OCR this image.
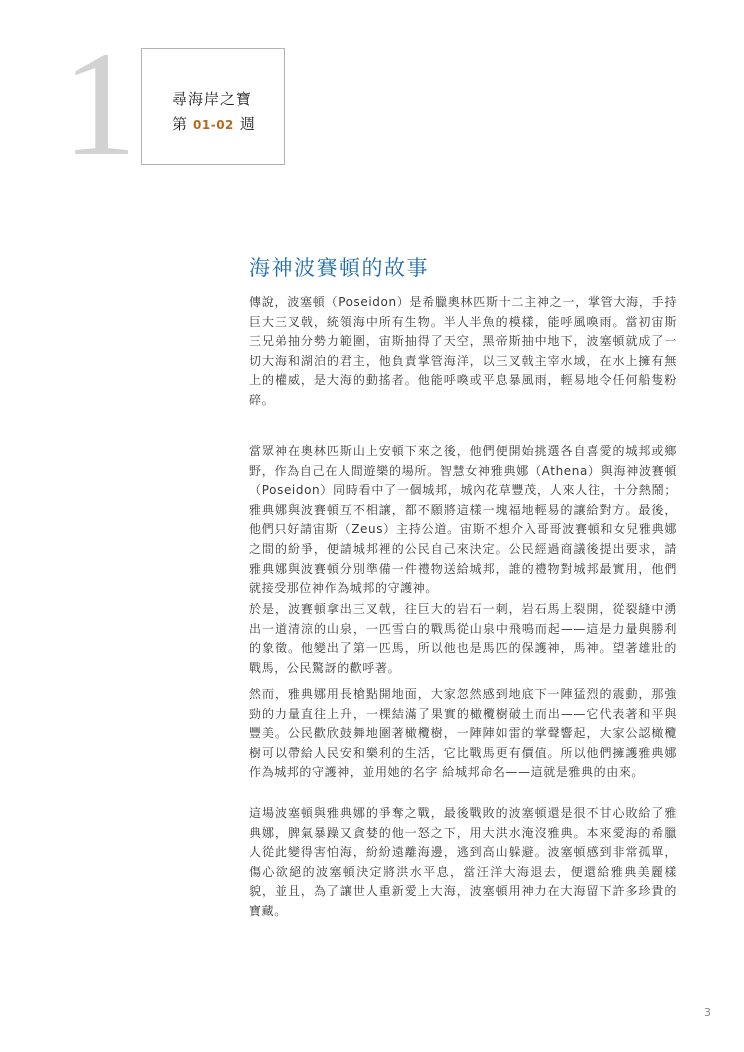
1 尋海岸之寶
第 01-02 週
海神波賽頓的故事

傳說，波塞頓（Poseidon）是希臘奧林匹斯十二主神之一，掌管大海，手持巨大三叉戟，統領海中所有生物。半人半魚的模樣，能呼風喚雨。當初宙斯三兄弟抽分勢力範圍，宙斯抽得了天空，黑帝斯抽中地下，波塞頓就成了一切大海和湖泊的君主，他負責掌管海洋，以三叉戟主宰水域，在水上擁有無上的權威，是大海的動搖者。他能呼喚或平息暴風雨，輕易地令任何船隻粉碎。

當眾神在奧林匹斯山上安頓下來之後，他們便開始挑選各自喜愛的城邦或鄉野，作為自己在人間遊樂的場所。智慧女神雅典娜（Athena）與海神波賽頓（Poseidon）同時看中了一個城邦，城內花草豐茂，人來人往，十分熱鬧；雅典娜與波賽頓互不相讓，都不願將這樣一塊福地輕易的讓給對方。最後，他們只好請宙斯（Zeus）主持公道。宙斯不想介入哥哥波賽頓和女兒雅典娜之間的紛爭，便請城邦裡的公民自己來決定。公民經過商議後提出要求，請雅典娜與波賽頓分別準備一件禮物送給城邦，誰的禮物對城邦最實用，他們就接受那位神作為城邦的守護神。

於是，波賽頓拿出三叉戟，往巨大的岩石一刺，岩石馬上裂開，從裂縫中湧出一道清涼的山泉，一匹雪白的戰馬從山泉中飛鳴而起——這是力量與勝利的象徵。他變出了第一匹馬，所以他也是馬匹的保護神，馬神。望著雄壯的戰馬，公民驚訝的歡呼著。

然而，雅典娜用長槍點開地面，大家忽然感到地底下一陣猛烈的震動，那強勁的力量直往上升，一棵結滿了果實的橄欖樹破土而出——它代表著和平與豐美。公民歡欣鼓舞地圍著橄欖樹，一陣陣如雷的掌聲響起，大家公認橄欖樹可以帶給人民安和樂利的生活，它比戰馬更有價值。所以他們擁護雅典娜作為城邦的守護神，並用她的名字 給城邦命名——這就是雅典的由來。

這場波塞頓與雅典娜的爭奪之戰，最後戰敗的波塞頓還是很不甘心敗給了雅典娜，脾氣暴躁又貪婪的他一怒之下，用大洪水淹沒雅典。本來愛海的希臘人從此變得害怕海，紛紛遠離海邊，逃到高山躲避。波塞頓感到非常孤單，傷心欲絕的波塞頓決定將洪水平息，當汪洋大海退去，便還給雅典美麗樣貌，並且，為了讓世人重新愛上大海，波塞頓用神力在大海留下許多珍貴的寶藏。

3
